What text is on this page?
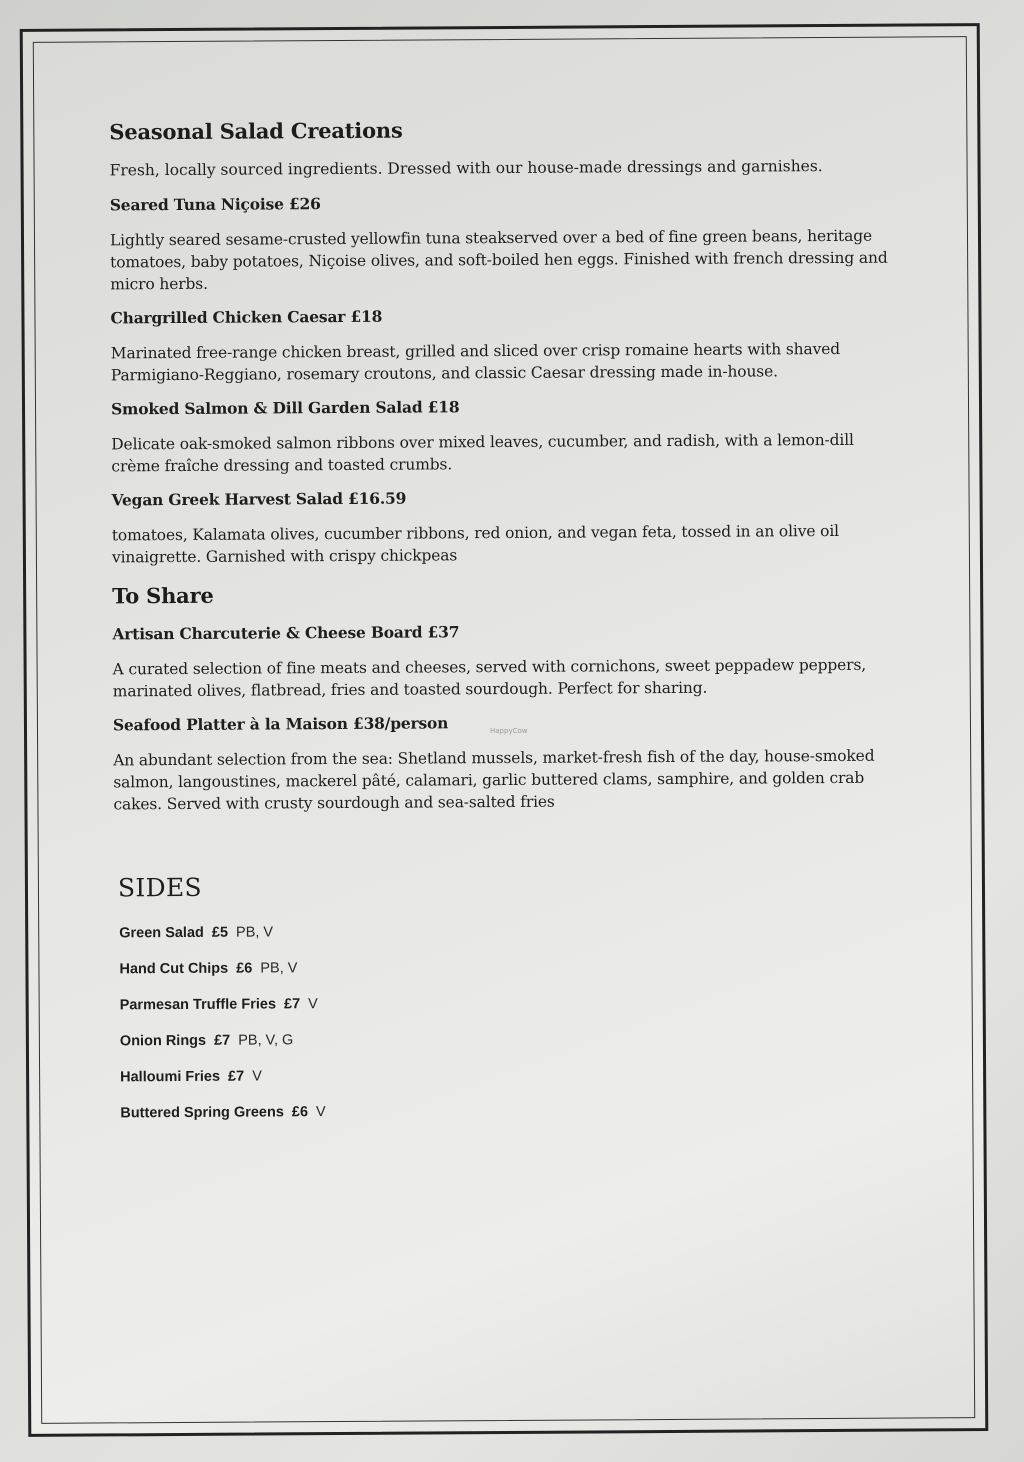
Seasonal Salad Creations

Fresh, locally sourced ingredients. Dressed with our house-made dressings and garnishes.

Seared Tuna Niçoise £26

Lightly seared sesame-crusted yellowfin tuna steakserved over a bed of fine green beans, heritage tomatoes, baby potatoes, Niçoise olives, and soft-boiled hen eggs. Finished with french dressing and micro herbs.

Chargrilled Chicken Caesar £18

Marinated free-range chicken breast, grilled and sliced over crisp romaine hearts with shaved Parmigiano-Reggiano, rosemary croutons, and classic Caesar dressing made in-house.

Smoked Salmon & Dill Garden Salad £18

Delicate oak-smoked salmon ribbons over mixed leaves, cucumber, and radish, with a lemon-dill crème fraîche dressing and toasted crumbs.

Vegan Greek Harvest Salad £16.59

tomatoes, Kalamata olives, cucumber ribbons, red onion, and vegan feta, tossed in an olive oil vinaigrette. Garnished with crispy chickpeas

To Share

Artisan Charcuterie & Cheese Board £37

A curated selection of fine meats and cheeses, served with cornichons, sweet peppadew peppers, marinated olives, flatbread, fries and toasted sourdough. Perfect for sharing.

Seafood Platter à la Maison £38/person

An abundant selection from the sea: Shetland mussels, market-fresh fish of the day, house-smoked salmon, langoustines, mackerel pâté, calamari, garlic buttered clams, samphire, and golden crab cakes. Served with crusty sourdough and sea-salted fries

SIDES
Green Salad £5 PB, V
Hand Cut Chips £6 PB, V
Parmesan Truffle Fries £7 V
Onion Rings £7 PB, V, G
Halloumi Fries £7 V
Buttered Spring Greens £6 V
HappyCow
